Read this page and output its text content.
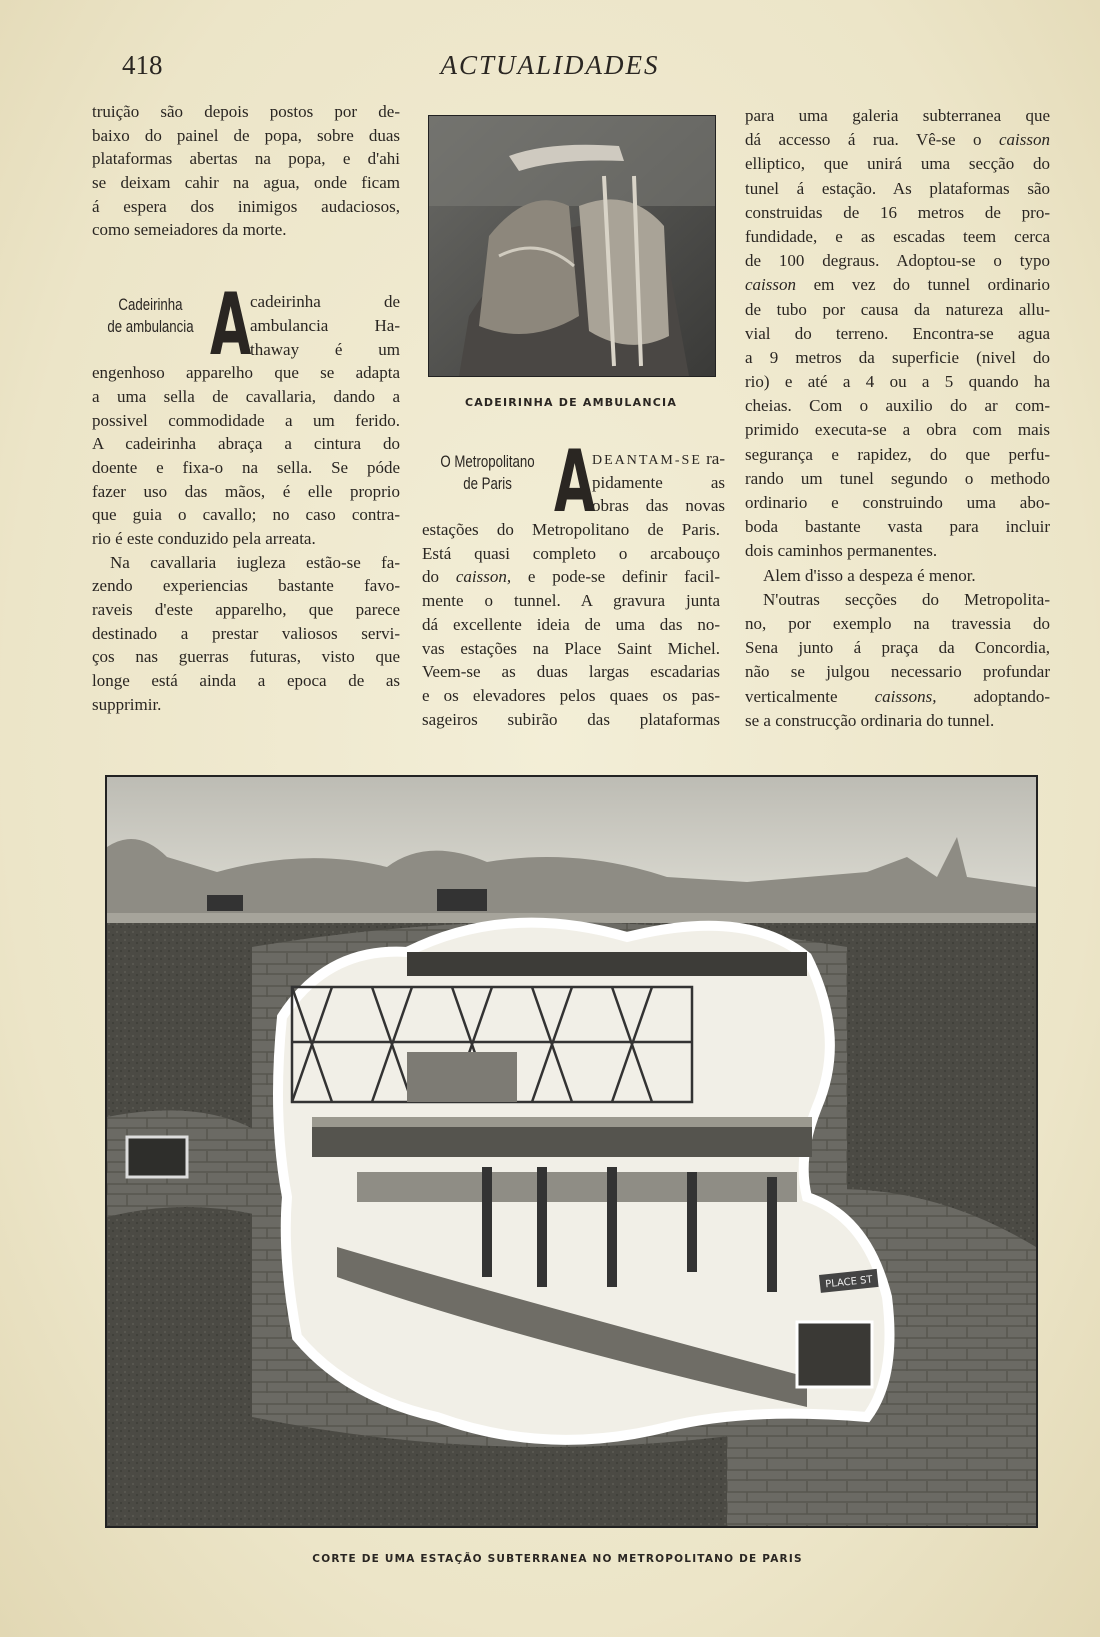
418	ACTUALIDADES
truição são depois postos por de-
baixo do painel de popa, sobre duas
plataformas abertas na popa, e d'ahi
se deixam cahir na agua, onde ficam
á espera dos inimigos audaciosos,
como semeiadores da morte.
Cadeirinha
de ambulancia A
cadeirinha de
ambulancia Ha-
thaway é um
engenhoso apparelho que se adapta
a uma sella de cavallaria, dando a
possivel commodidade a um ferido.
A cadeirinha abraça a cintura do
doente e fixa-o na sella. Se póde
fazer uso das mãos, é elle proprio
que guia o cavallo; no caso contra-
rio é este conduzido pela arreata.
Na cavallaria iugleza estão-se fa-
zendo experiencias bastante favo-
raveis d'este apparelho, que parece
destinado a prestar valiosos servi-
ços nas guerras futuras, visto que
longe está ainda a epoca de as
supprimir.
CADEIRINHA DE AMBULANCIA
O Metropolitano
de Paris A
DEANTAM-SE ra-
pidamente as
obras das novas
estações do Metropolitano de Paris.
Está quasi completo o arcabouço
do caisson, e pode-se definir facil-
mente o tunnel. A gravura junta
dá excellente ideia de uma das no-
vas estações na Place Saint Michel.
Veem-se as duas largas escadarias
e os elevadores pelos quaes os pas-
sageiros subirão das plataformas
para uma galeria subterranea que
dá accesso á rua. Vê-se o caisson
elliptico, que unirá uma secção do
tunel á estação. As plataformas são
construidas de 16 metros de pro-
fundidade, e as escadas teem cerca
de 100 degraus. Adoptou-se o typo
caisson em vez do tunnel ordinario
de tubo por causa da natureza allu-
vial do terreno. Encontra-se agua
a 9 metros da superficie (nivel do
rio) e até a 4 ou a 5 quando ha
cheias. Com o auxilio do ar com-
primido executa-se a obra com mais
segurança e rapidez, do que perfu-
rando um tunel segundo o methodo
ordinario e construindo uma abo-
boda bastante vasta para incluir
dois caminhos permanentes.
Alem d'isso a despeza é menor.
N'outras secções do Metropolita-
no, por exemplo na travessia do
Sena junto á praça da Concordia,
não se julgou necessario profundar
verticalmente caissons, adoptando-
se a construcção ordinaria do tunnel.
PLACE ST
CORTE DE UMA ESTAÇÃO SUBTERRANEA NO METROPOLITANO DE PARIS
